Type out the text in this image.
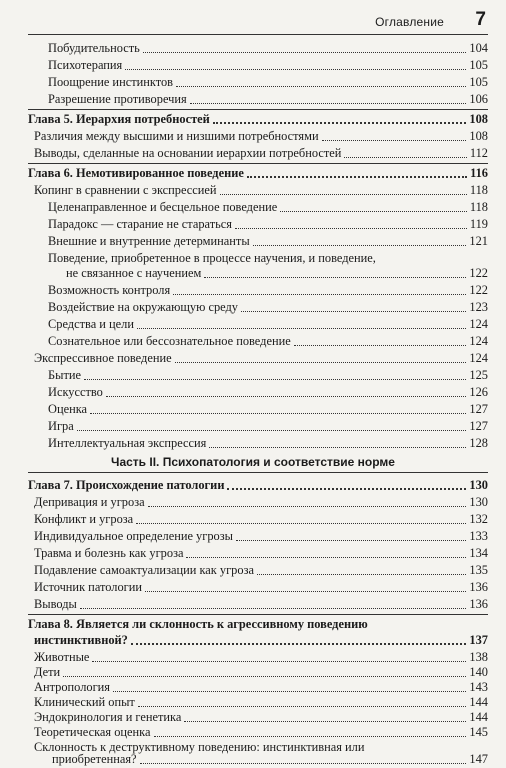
Оглавление 7
Побудительность	104
Психотерапия	105
Поощрение инстинктов	105
Разрешение противоречия	106
Глава 5. Иерархия потребностей	108
Различия между высшими и низшими потребностями	108
Выводы, сделанные на основании иерархии потребностей	112
Глава 6. Немотивированное поведение	116
Копинг в сравнении с экспрессией	118
Целенаправленное и бесцельное поведение	118
Парадокс — старание не стараться	119
Внешние и внутренние детерминанты	121
Поведение, приобретенное в процессе научения, и поведение,
не связанное с научением	122
Возможность контроля	122
Воздействие на окружающую среду	123
Средства и цели	124
Сознательное или бессознательное поведение	124
Экспрессивное поведение	124
Бытие	125
Искусство	126
Оценка	127
Игра	127
Интеллектуальная экспрессия	128
Часть II. Психопатология и соответствие норме
Глава 7. Происхождение патологии	130
Депривация и угроза	130
Конфликт и угроза	132
Индивидуальное определение угрозы	133
Травма и болезнь как угроза	134
Подавление самоактуализации как угроза	135
Источник патологии	136
Выводы	136
Глава 8. Является ли склонность к агрессивному поведению
инстинктивной?	137
Животные	138
Дети	140
Антропология	143
Клинический опыт	144
Эндокринология и генетика	144
Теоретическая оценка	145
Склонность к деструктивному поведению: инстинктивная или
приобретенная?	147
